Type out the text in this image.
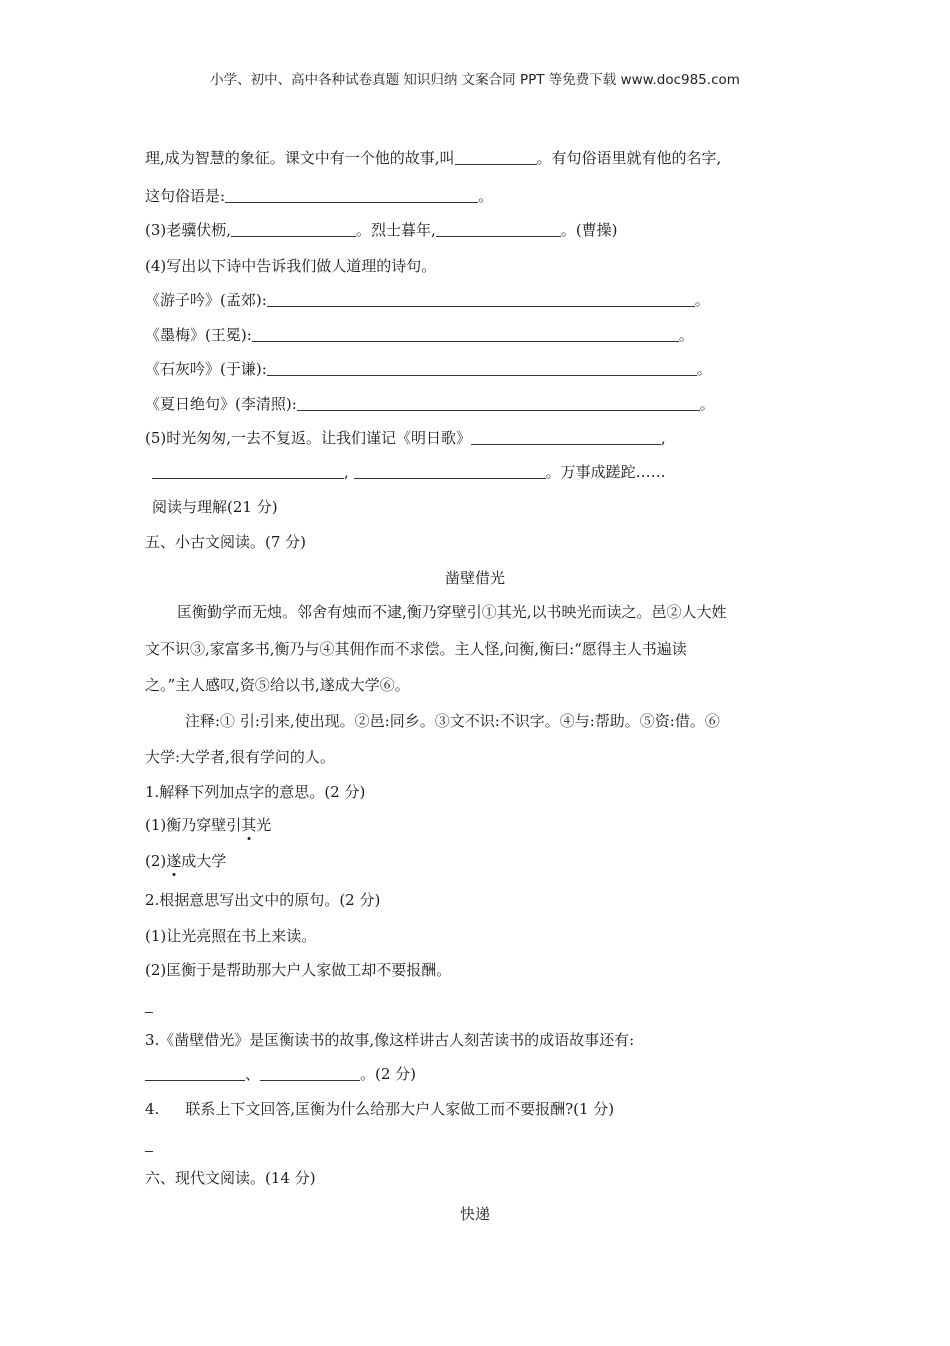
小学、初中、高中各种试卷真题 知识归纳 文案合同 PPT 等免费下载 www.doc985.com
理,成为智慧的象征。课文中有一个他的故事,叫	。有句俗语里就有他的名字,
这句俗语是:	。
(3)老骥伏枥,	。烈士暮年,	。(曹操)
(4)写出以下诗中告诉我们做人道理的诗句。
《游子吟》(孟郊):	。
《墨梅》(王冕):	。
《石灰吟》(于谦):	。
《夏日绝句》(李清照):	。
(5)时光匆匆,一去不复返。让我们谨记《明日歌》	,
,	。万事成蹉跎……
阅读与理解(21 分)
五、小古文阅读。(7 分)
凿壁借光
匡衡勤学而无烛。邻舍有烛而不逮,衡乃穿壁引①其光,以书映光而读之。邑②人大姓
文不识③,家富多书,衡乃与④其佣作而不求偿。主人怪,问衡,衡曰:“愿得主人书遍读
之。”主人感叹,资⑤给以书,遂成大学⑥。
注释:① 引:引来,使出现。②邑:同乡。③文不识:不识字。④与:帮助。⑤资:借。⑥
大学:大学者,很有学问的人。
1.解释下列加点字的意思。(2 分)
(1)衡乃穿壁引其光
(2)遂成大学
2.根据意思写出文中的原句。(2 分)
(1)让光亮照在书上来读。
(2)匡衡于是帮助那大户人家做工却不要报酬。
3.《凿壁借光》是匡衡读书的故事,像这样讲古人刻苦读书的成语故事还有:
、	。(2 分)
4. 联系上下文回答,匡衡为什么给那大户人家做工而不要报酬?(1 分)
六、现代文阅读。(14 分)
快递
